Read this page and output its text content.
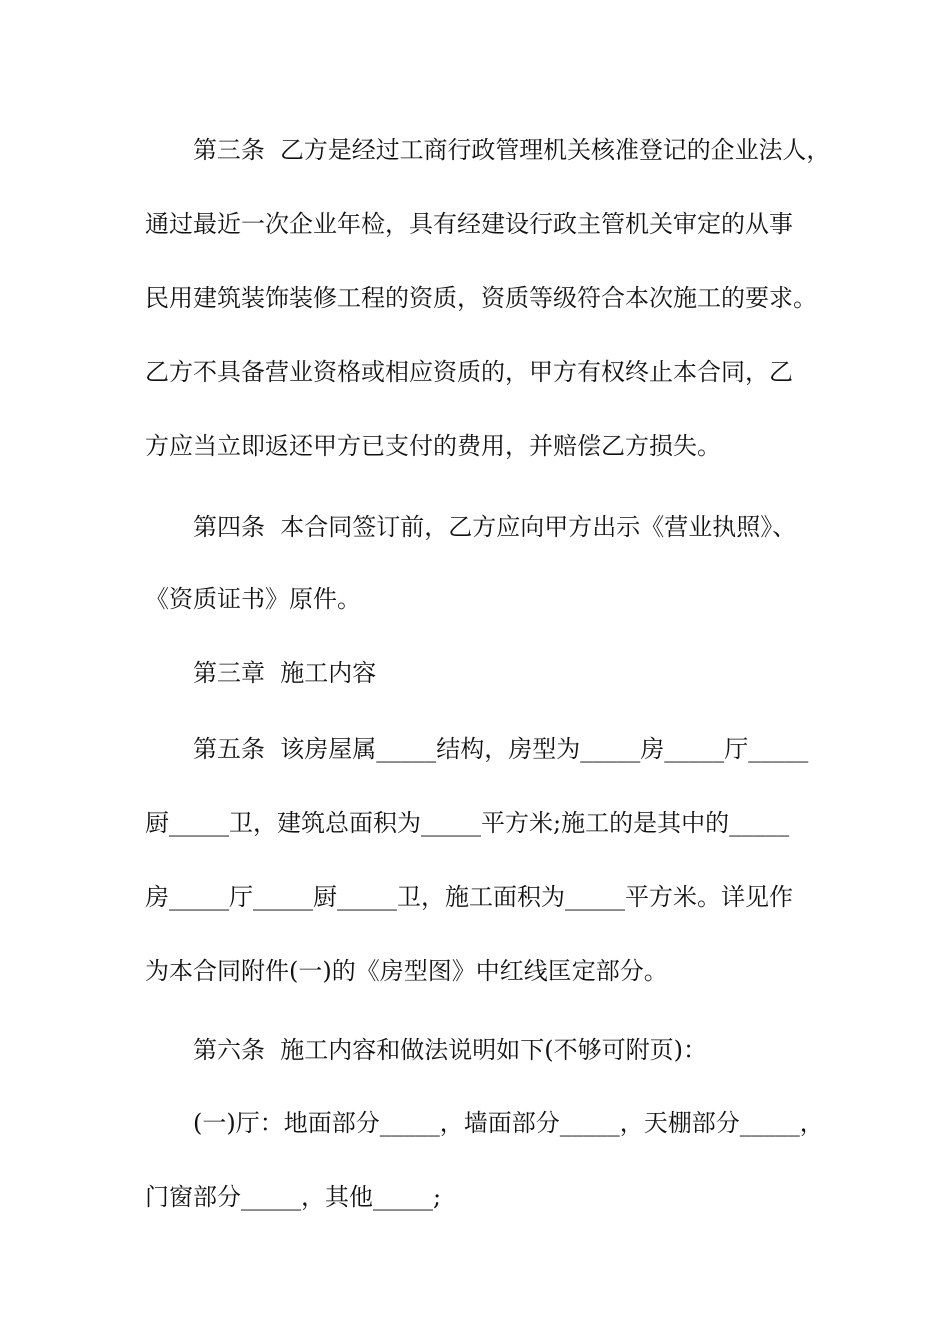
第三条  乙方是经过工商行政管理机关核准登记的企业法人，

通过最近一次企业年检，具有经建设行政主管机关审定的从事

民用建筑装饰装修工程的资质，资质等级符合本次施工的要求。

乙方不具备营业资格或相应资质的，甲方有权终止本合同，乙

方应当立即返还甲方已支付的费用，并赔偿乙方损失。

第四条  本合同签订前，乙方应向甲方出示《营业执照》、

《资质证书》原件。

第三章  施工内容

第五条  该房屋属_____结构，房型为_____房_____厅_____

厨_____卫，建筑总面积为_____平方米;施工的是其中的_____

房_____厅_____厨_____卫，施工面积为_____平方米。详见作

为本合同附件(一)的《房型图》中红线匡定部分。

第六条  施工内容和做法说明如下(不够可附页)：

(一)厅：地面部分_____，墙面部分_____，天棚部分_____，

门窗部分_____，其他_____;
